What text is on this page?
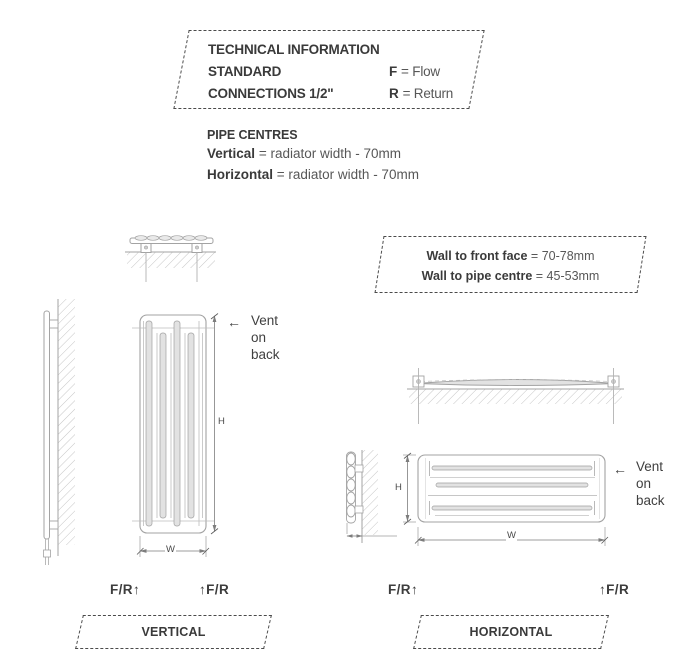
TECHNICAL INFORMATION
STANDARD	F = Flow
CONNECTIONS 1/2"	R = Return
PIPE CENTRES
Vertical = radiator width - 70mm
Horizontal = radiator width - 70mm
Wall to front face = 70-78mm
Wall to pipe centre = 45-53mm
← Vent
on
back
H
W
F/R↑	↑F/R
← Vent
on
back
H
W
F/R↑	↑F/R
VERTICAL	HORIZONTAL
